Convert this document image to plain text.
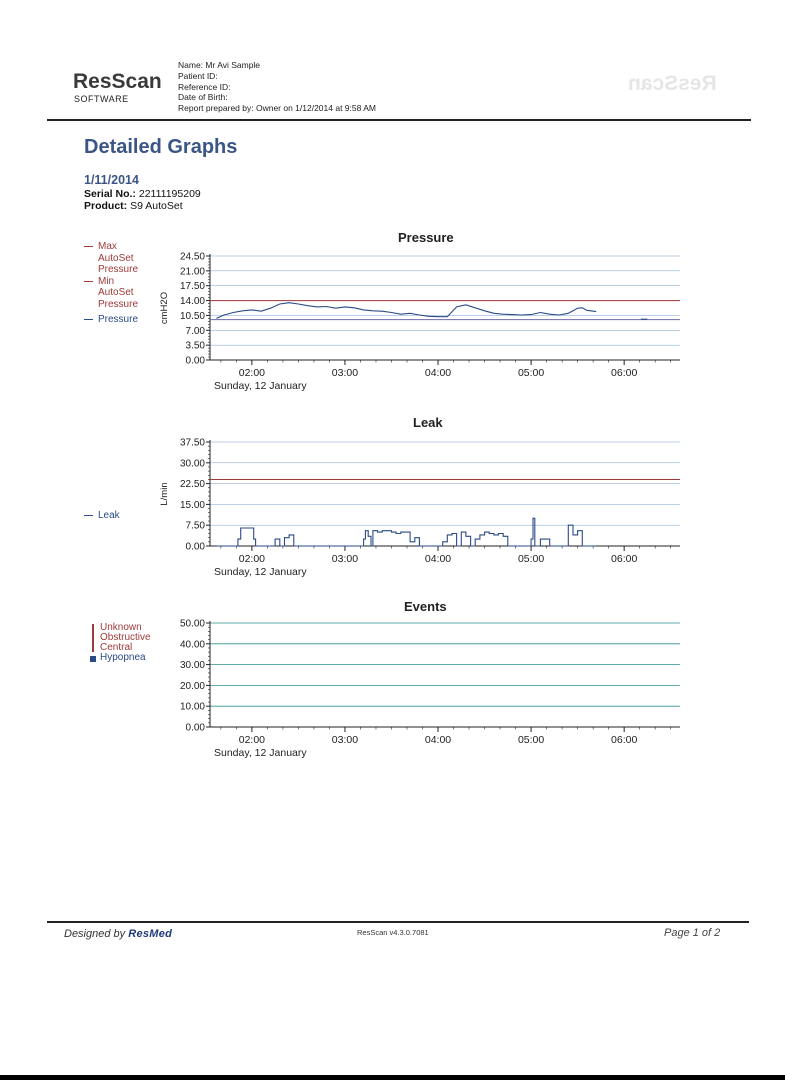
ResScan
SOFTWARE
ResScan
Name: Mr Avi Sample
Patient ID:
Reference ID:
Date of Birth:
Report prepared by: Owner on 1/12/2014 at 9:58 AM
Detailed Graphs
1/11/2014
Serial No.: 22111195209
Product: S9 AutoSet
Pressure
Max AutoSet Pressure
Min AutoSet Pressure
Pressure
0.00
3.50
7.00
10.50
14.00
17.50
21.00
24.50
02:00	03:00	04:00	05:00	06:00
Sunday, 12 January
cmH2O
Leak
Leak
0.00
7.50
15.00
22.50
30.00
37.50
02:00	03:00	04:00	05:00	06:00
Sunday, 12 January
L/min
Events
Unknown
Obstructive
Central
Hypopnea
0.00
10.00
20.00
30.00
40.00
50.00
02:00	03:00	04:00	05:00	06:00
Sunday, 12 January
Designed by ResMed	ResScan v4.3.0.7081	Page 1 of 2
